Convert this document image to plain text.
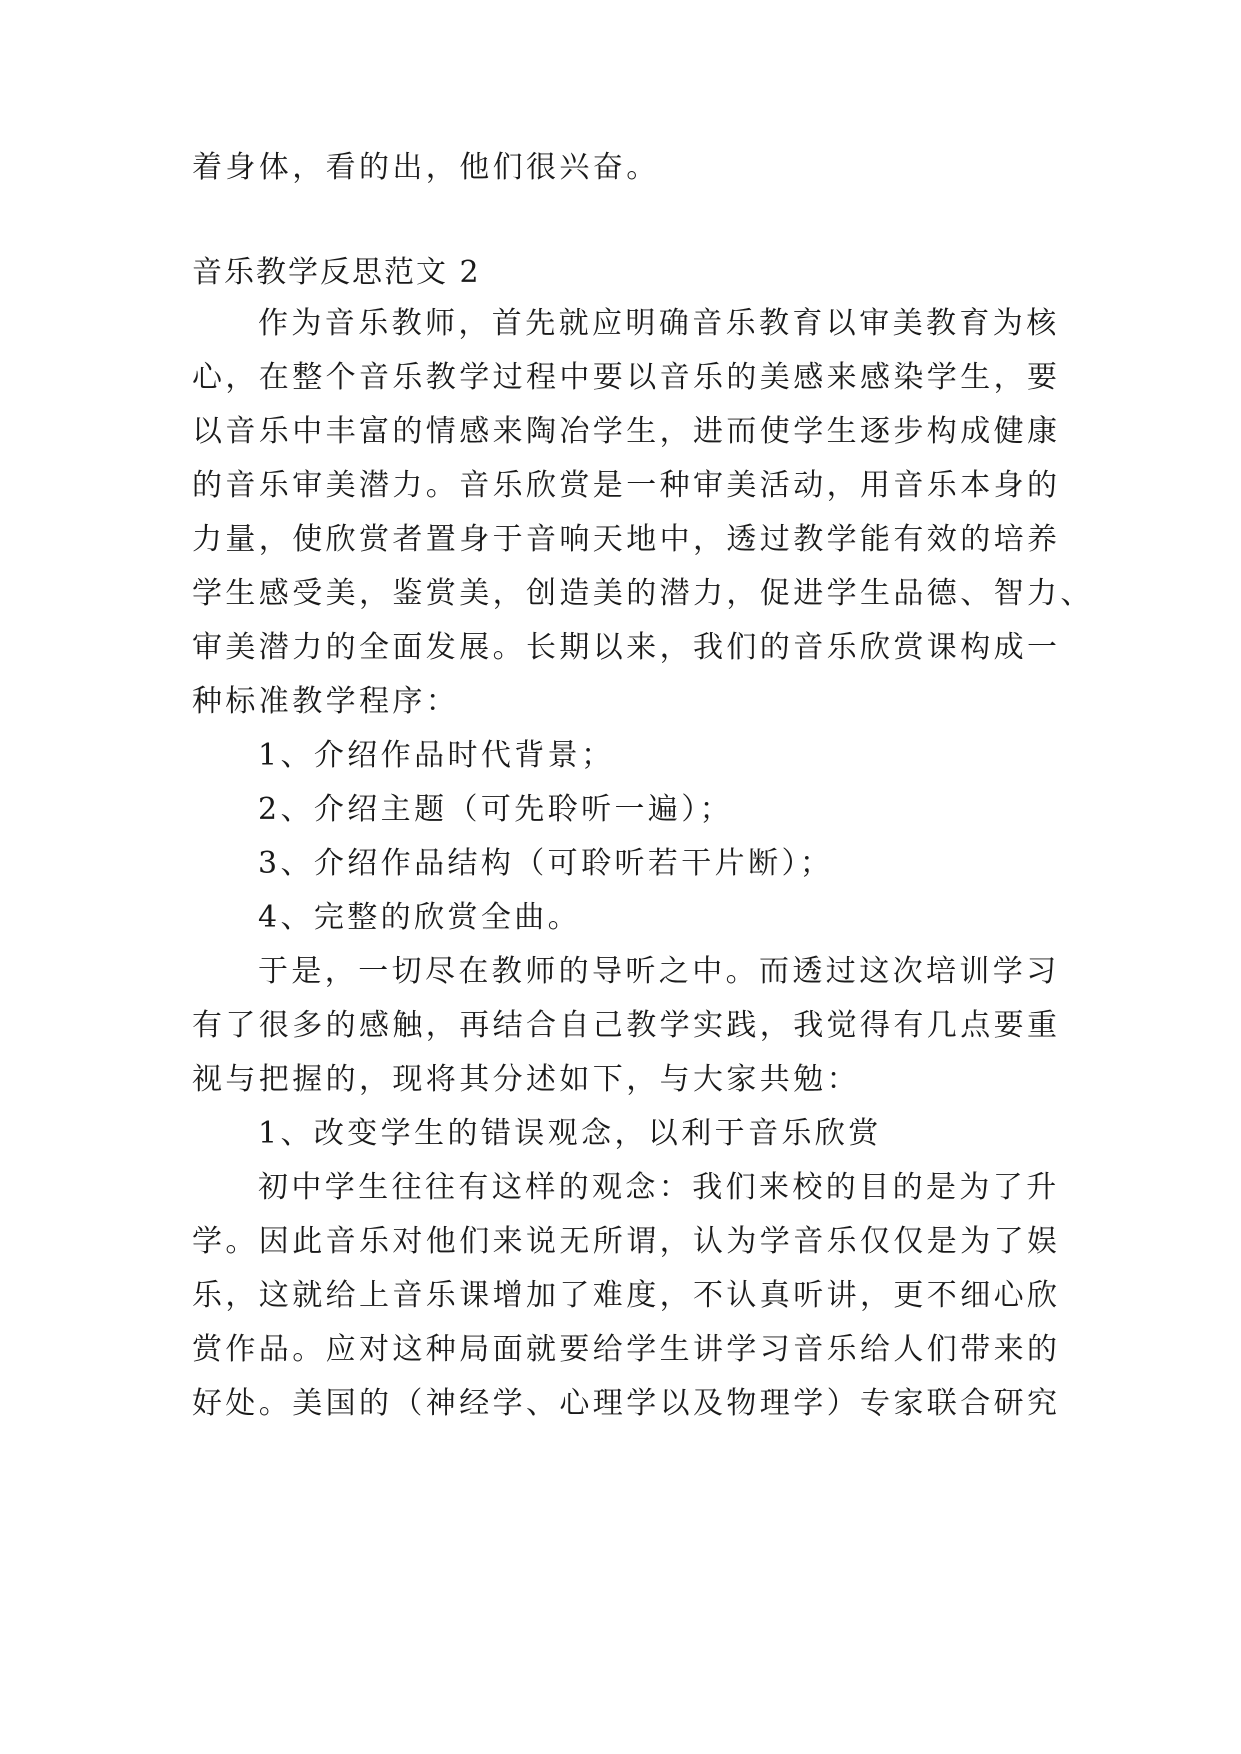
着身体，看的出，他们很兴奋。
音乐教学反思范文 2
作为音乐教师，首先就应明确音乐教育以审美教育为核
心，在整个音乐教学过程中要以音乐的美感来感染学生，要
以音乐中丰富的情感来陶冶学生，进而使学生逐步构成健康
的音乐审美潜力。音乐欣赏是一种审美活动，用音乐本身的
力量，使欣赏者置身于音响天地中，透过教学能有效的培养
学生感受美，鉴赏美，创造美的潜力，促进学生品德、智力、
审美潜力的全面发展。长期以来，我们的音乐欣赏课构成一
种标准教学程序：
1、介绍作品时代背景；
2、介绍主题（可先聆听一遍）；
3、介绍作品结构（可聆听若干片断）；
4、完整的欣赏全曲。
于是，一切尽在教师的导听之中。而透过这次培训学习
有了很多的感触，再结合自己教学实践，我觉得有几点要重
视与把握的，现将其分述如下，与大家共勉：
1、改变学生的错误观念，以利于音乐欣赏
初中学生往往有这样的观念：我们来校的目的是为了升
学。因此音乐对他们来说无所谓，认为学音乐仅仅是为了娱
乐，这就给上音乐课增加了难度，不认真听讲，更不细心欣
赏作品。应对这种局面就要给学生讲学习音乐给人们带来的
好处。美国的（神经学、心理学以及物理学）专家联合研究
